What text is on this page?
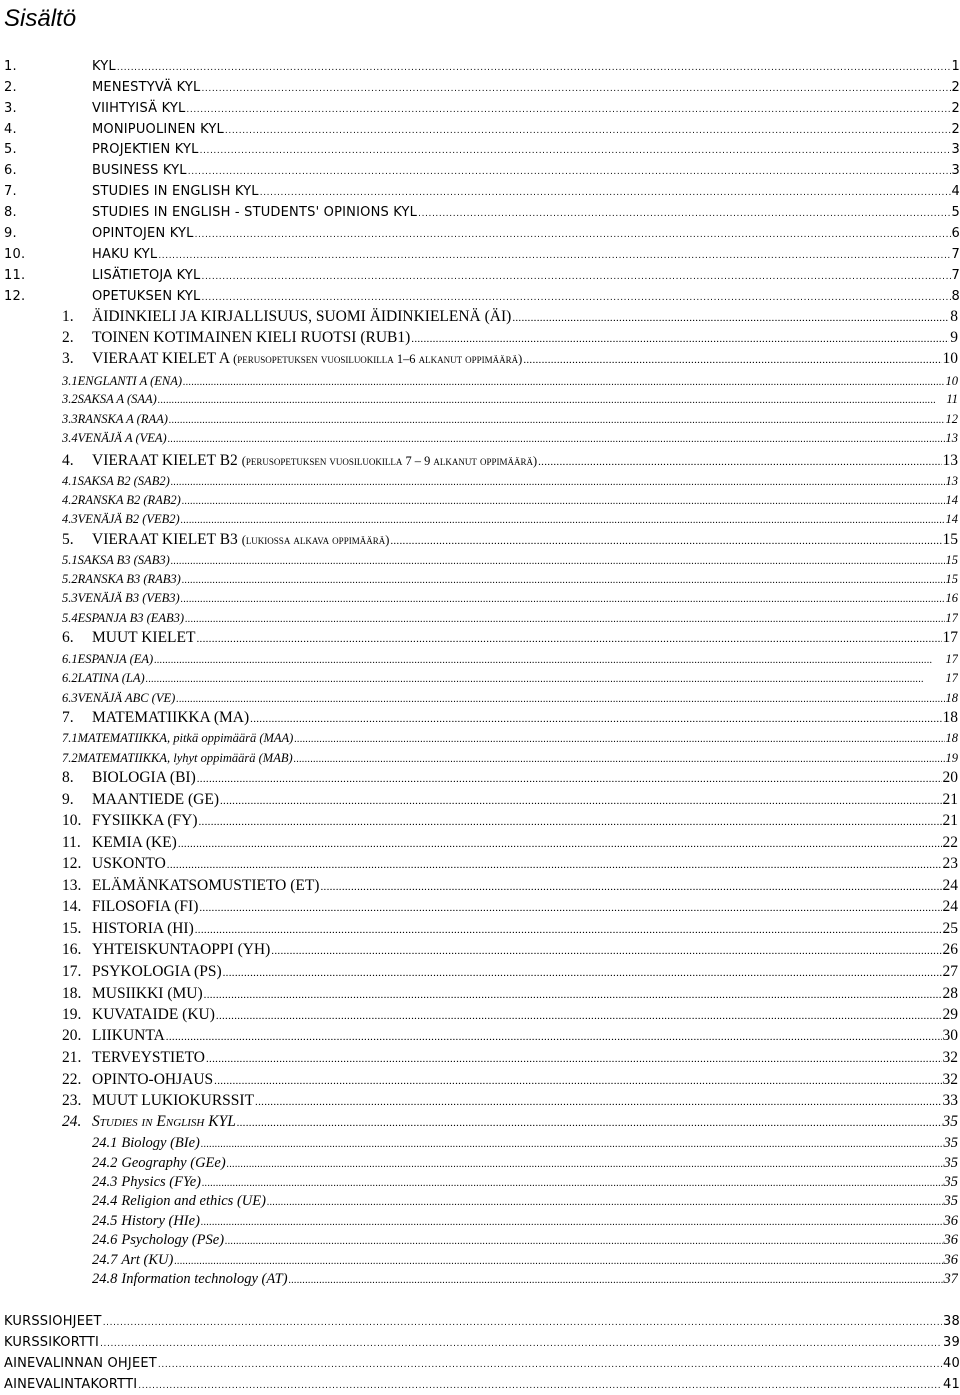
Sisältö
1.	KYL .....	1
2.	MENESTYVÄ KYL .....	2
3.	VIIHTYISÄ KYL .....	2
4.	MONIPUOLINEN KYL .....	2
5.	PROJEKTIEN KYL .....	3
6.	BUSINESS KYL .....	3
7.	STUDIES IN ENGLISH KYL .....	4
8.	STUDIES IN ENGLISH - STUDENTS' OPINIONS KYL .....	5
9.	OPINTOJEN KYL .....	6
10.	HAKU KYL .....	7
11.	LISÄTIETOJA KYL .....	7
12.	OPETUKSEN KYL .....	8
1.	ÄIDINKIELI JA KIRJALLISUUS, SUOMI ÄIDINKIELENÄ (ÄI) .....	8
2.	TOINEN KOTIMAINEN KIELI RUOTSI (RUB1) .....	9
3.	VIERAAT KIELET A (perusopetuksen vuosiluokilla 1–6 alkanut oppimäärä) .....	10
3.1 ENGLANTI A (ENA) .....	10
3.2 SAKSA A (SAA) .....	11
3.3 RANSKA A (RAA) .....	12
3.4 VENÄJÄ A (VEA) .....	13
4.	VIERAAT KIELET B2 (perusopetuksen vuosiluokilla 7 – 9 alkanut oppimäärä) .....	13
4.1 SAKSA B2 (SAB2) .....	13
4.2 RANSKA B2 (RAB2) .....	14
4.3 VENÄJÄ B2 (VEB2) .....	14
5.	VIERAAT KIELET B3 (lukiossa alkava oppimäärä) .....	15
5.1 SAKSA B3 (SAB3) .....	15
5.2 RANSKA B3 (RAB3) .....	15
5.3 VENÄJÄ B3 (VEB3) .....	16
5.4 ESPANJA B3 (EAB3) .....	17
6.	MUUT KIELET .....	17
6.1 ESPANJA (EA) .....	17
6.2 LATINA (LA) .....	17
6.3 VENÄJÄ ABC (VE) .....	18
7.	MATEMATIIKKA (MA) .....	18
7.1 MATEMATIIKKA, pitkä oppimäärä (MAA) .....	18
7.2 MATEMATIIKKA, lyhyt oppimäärä (MAB) .....	19
8.	BIOLOGIA (BI) .....	20
9.	MAANTIEDE (GE) .....	21
10. FYSIIKKA (FY) .....	21
11. KEMIA (KE) .....	22
12. USKONTO .....	23
13. ELÄMÄNKATSOMUSTIETO (ET) .....	24
14. FILOSOFIA (FI) .....	24
15. HISTORIA (HI) .....	25
16. YHTEISKUNTAOPPI (YH) .....	26
17. PSYKOLOGIA (PS) .....	27
18. MUSIIKKI (MU) .....	28
19. KUVATAIDE (KU) .....	29
20. LIIKUNTA .....	30
21. TERVEYSTIETO .....	32
22. OPINTO-OHJAUS .....	32
23. MUUT LUKIOKURSSIT .....	33
24. Studies in English KYL .....	35
24.1 Biology (BIe) .....	35
24.2 Geography (GEe) .....	35
24.3 Physics (FYe) .....	35
24.4 Religion and ethics (UE) .....	35
24.5 History (HIe) .....	36
24.6 Psychology (PSe) .....	36
24.7 Art (KU) .....	36
24.8 Information technology (AT) .....	37
KURSSIOHJEET .....	38
KURSSIKORTTI .....	39
AINEVALINNAN OHJEET .....	40
AINEVALINTAKORTTI .....	41
